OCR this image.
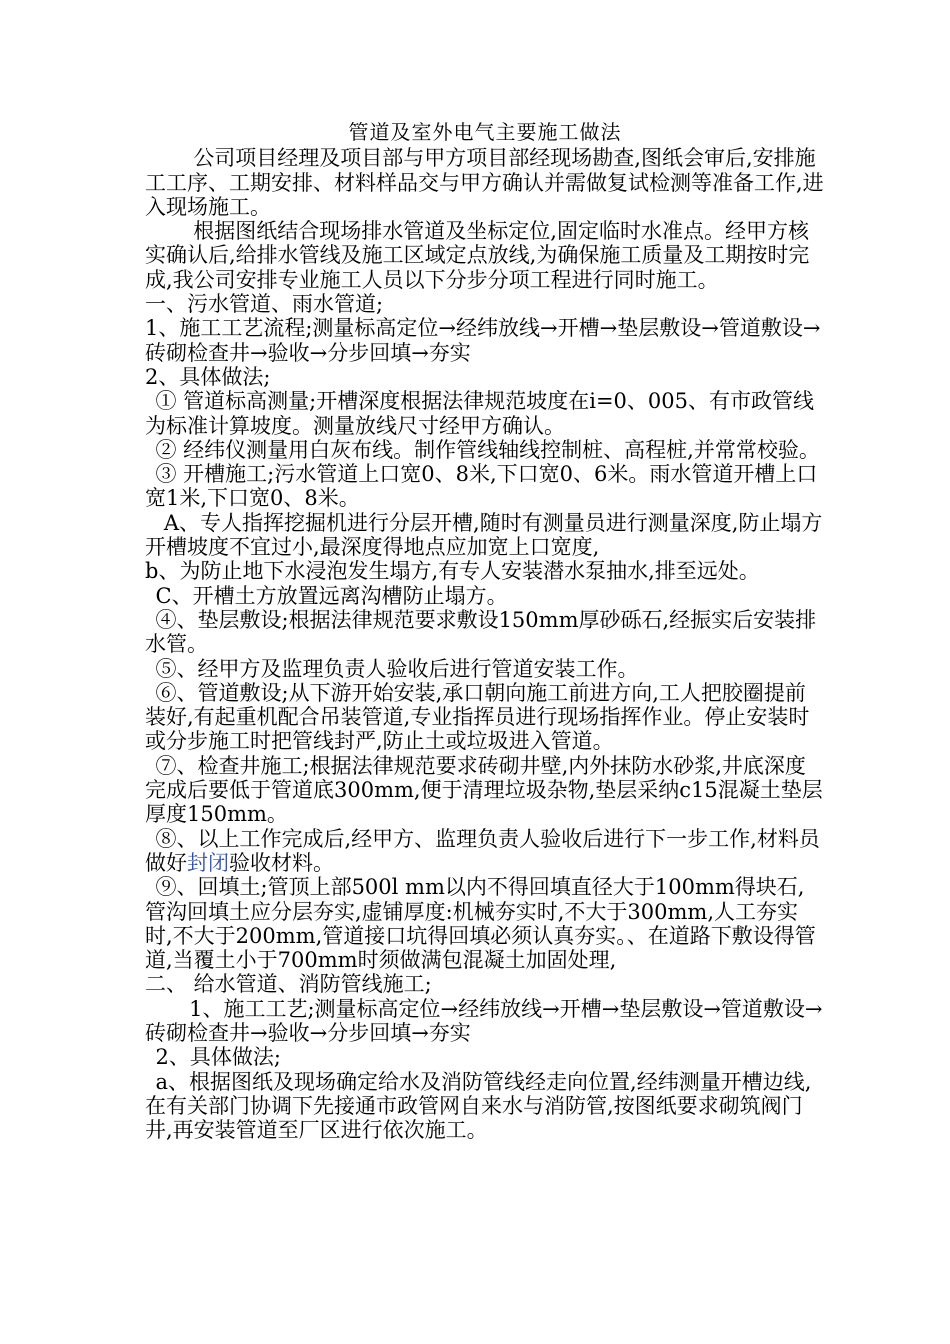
管道及室外电气主要施工做法

公司项目经理及项目部与甲方项目部经现场勘查,图纸会审后,安排施工工序、工期安排、材料样品交与甲方确认并需做复试检测等准备工作,进入现场施工。

根据图纸结合现场排水管道及坐标定位,固定临时水准点。经甲方核实确认后,给排水管线及施工区域定点放线,为确保施工质量及工期按时完成,我公司安排专业施工人员以下分步分项工程进行同时施工。

一、污水管道、雨水管道;

1、施工工艺流程;测量标高定位→经纬放线→开槽→垫层敷设→管道敷设→砖砌检查井→验收→分步回填→夯实

2、具体做法;

① 管道标高测量;开槽深度根据法律规范坡度在i=0、005、有市政管线为标准计算坡度。测量放线尺寸经甲方确认。

② 经纬仪测量用白灰布线。制作管线轴线控制桩、高程桩,并常常校验。

③ 开槽施工;污水管道上口宽0、8米,下口宽0、6米。雨水管道开槽上口宽1米,下口宽0、8米。

A、专人指挥挖掘机进行分层开槽,随时有测量员进行测量深度,防止塌方开槽坡度不宜过小,最深度得地点应加宽上口宽度,

b、为防止地下水浸泡发生塌方,有专人安装潜水泵抽水,排至远处。

C、开槽土方放置远离沟槽防止塌方。

④、垫层敷设;根据法律规范要求敷设150mm厚砂砾石,经振实后安装排水管。

⑤、经甲方及监理负责人验收后进行管道安装工作。

⑥、管道敷设;从下游开始安装,承口朝向施工前进方向,工人把胶圈提前装好,有起重机配合吊装管道,专业指挥员进行现场指挥作业。停止安装时或分步施工时把管线封严,防止土或垃圾进入管道。

⑦、检查井施工;根据法律规范要求砖砌井壁,内外抹防水砂浆,井底深度完成后要低于管道底300mm,便于清理垃圾杂物,垫层采纳c15混凝土垫层厚度150mm。

⑧、以上工作完成后,经甲方、监理负责人验收后进行下一步工作,材料员做好封闭验收材料。

⑨、回填土;管顶上部500l mm以内不得回填直径大于100mm得块石,管沟回填土应分层夯实,虚铺厚度:机械夯实时,不大于300mm,人工夯实时,不大于200mm,管道接口坑得回填必须认真夯实。、在道路下敷设得管道,当覆土小于700mm时须做满包混凝土加固处理,

二、 给水管道、消防管线施工;

1、施工工艺;测量标高定位→经纬放线→开槽→垫层敷设→管道敷设→砖砌检查井→验收→分步回填→夯实

2、具体做法;

a、根据图纸及现场确定给水及消防管线经走向位置,经纬测量开槽边线,在有关部门协调下先接通市政管网自来水与消防管,按图纸要求砌筑阀门井,再安装管道至厂区进行依次施工。
